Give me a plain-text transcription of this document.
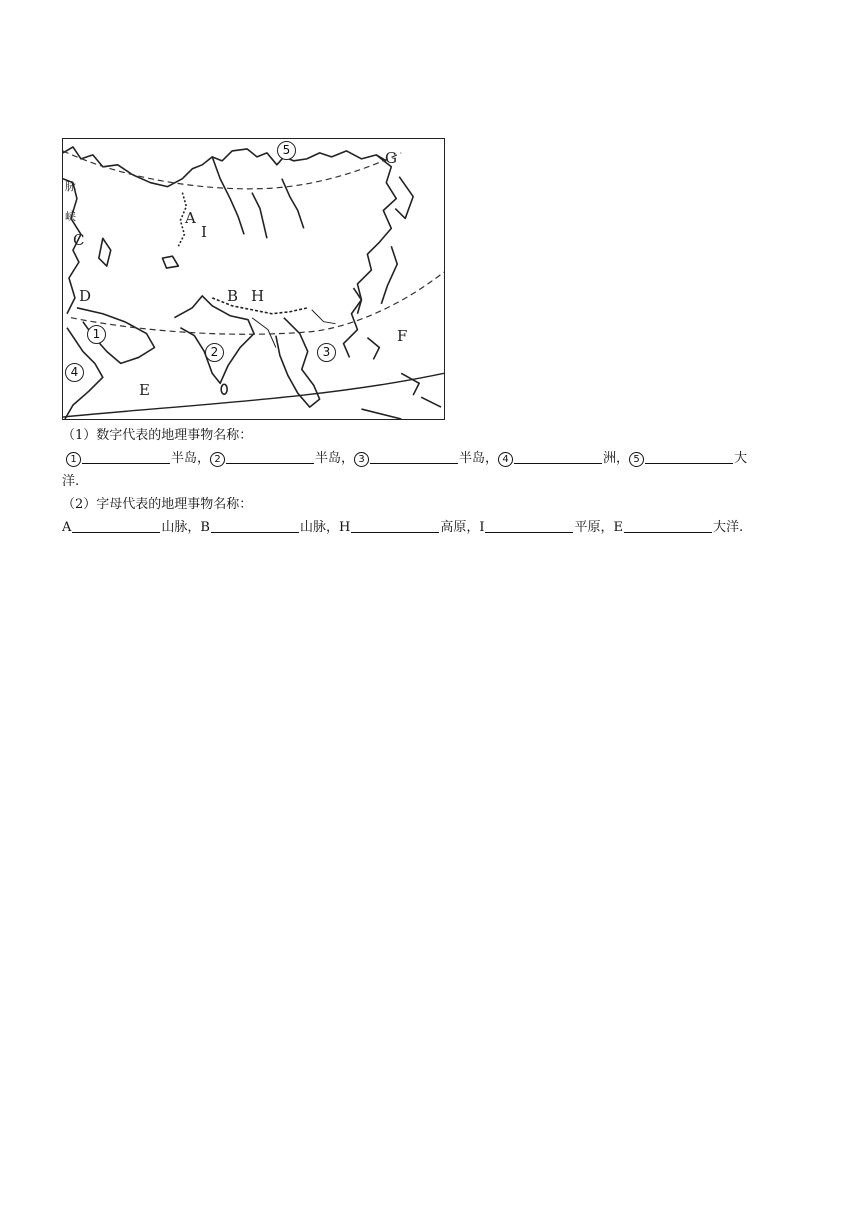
5	G
脉
峡	A
I
C
D	B H
1	F
2	3
4
E
（1）数字代表的地理事物名称：
1	半岛， 2	半岛， 3	半岛， 4	洲， 5	大
洋.
（2）字母代表的地理事物名称：
A	山脉，B	山脉，H	高原，I	平原，E	大洋.
